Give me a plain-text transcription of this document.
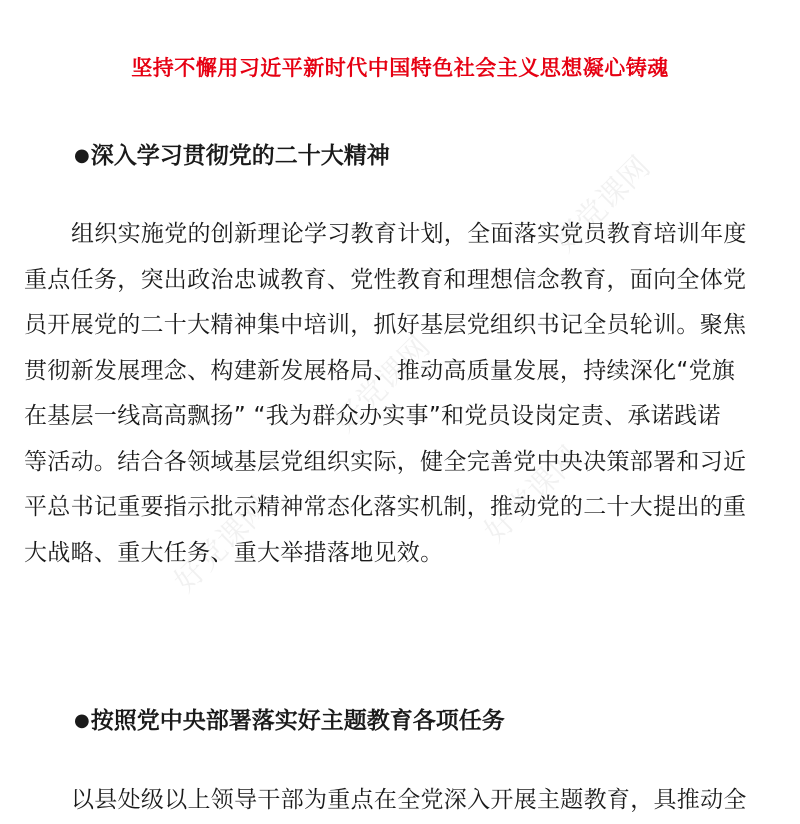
好党课网
好党课网
好党课网	好党课网
坚持不懈用习近平新时代中国特色社会主义思想凝心铸魂
●深入学习贯彻党的二十大精神
组织实施党的创新理论学习教育计划，全面落实党员教育培训年度
重点任务，突出政治忠诚教育、党性教育和理想信念教育，面向全体党
员开展党的二十大精神集中培训，抓好基层党组织书记全员轮训。聚焦
贯彻新发展理念、构建新发展格局、推动高质量发展，持续深化“党旗
在基层一线高高飘扬” “我为群众办实事”和党员设岗定责、承诺践诺
等活动。结合各领域基层党组织实际，健全完善党中央决策部署和习近
平总书记重要指示批示精神常态化落实机制，推动党的二十大提出的重
大战略、重大任务、重大举措落地见效。
●按照党中央部署落实好主题教育各项任务
以县处级以上领导干部为重点在全党深入开展主题教育，具推动全
